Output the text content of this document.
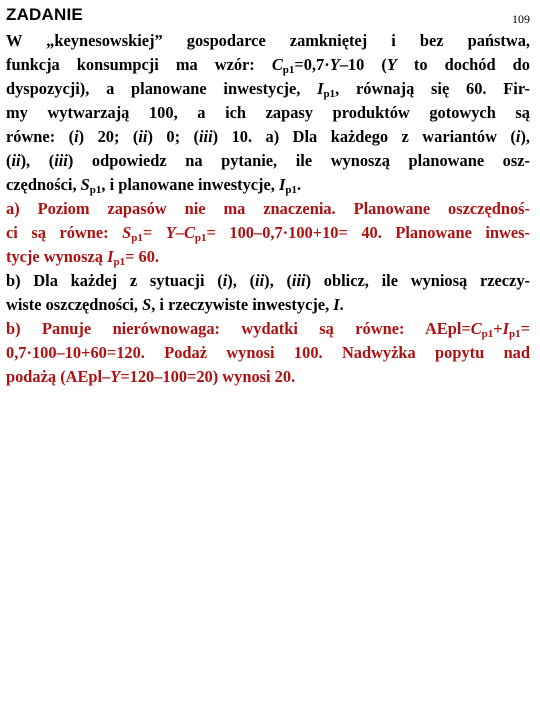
ZADANIE	109
W „keynesowskiej” gospodarce zamkniętej i bez państwa,
funkcja konsumpcji ma wzór: $C_{p1}=0,7\cdot Y-10$ (Y to dochód do
dyspozycji), a planowane inwestycje, $I_{p1}$, równają się 60. Fir-
my wytwarzają 100, a ich zapasy produktów gotowych są
równe: (i) 20; (ii) 0; (iii) 10. a) Dla każdego z wariantów (i),
(ii), (iii) odpowiedz na pytanie, ile wynoszą planowane osz-
czędności, $S_{p1}$, i planowane inwestycje, $I_{p1}$.
a) Poziom zapasów nie ma znaczenia. Planowane oszczędnoś-
ci są równe: $S_{p1}= Y-C_{p1}= 100-0,7\cdot 100+10= 40$. Planowane inwes-
tycje wynoszą $I_{p1}= 60$.
b) Dla każdej z sytuacji (i), (ii), (iii) oblicz, ile wyniosą rzeczy-
wiste oszczędności, S, i rzeczywiste inwestycje, I.
b) Panuje nierównowaga: wydatki są równe: $AEpl=C_{p1}+I_{p1}=$
0,7·100–10+60=120. Podaż wynosi 100. Nadwyżka popytu nad
podażą (AEpl–Y=120–100=20) wynosi 20.
